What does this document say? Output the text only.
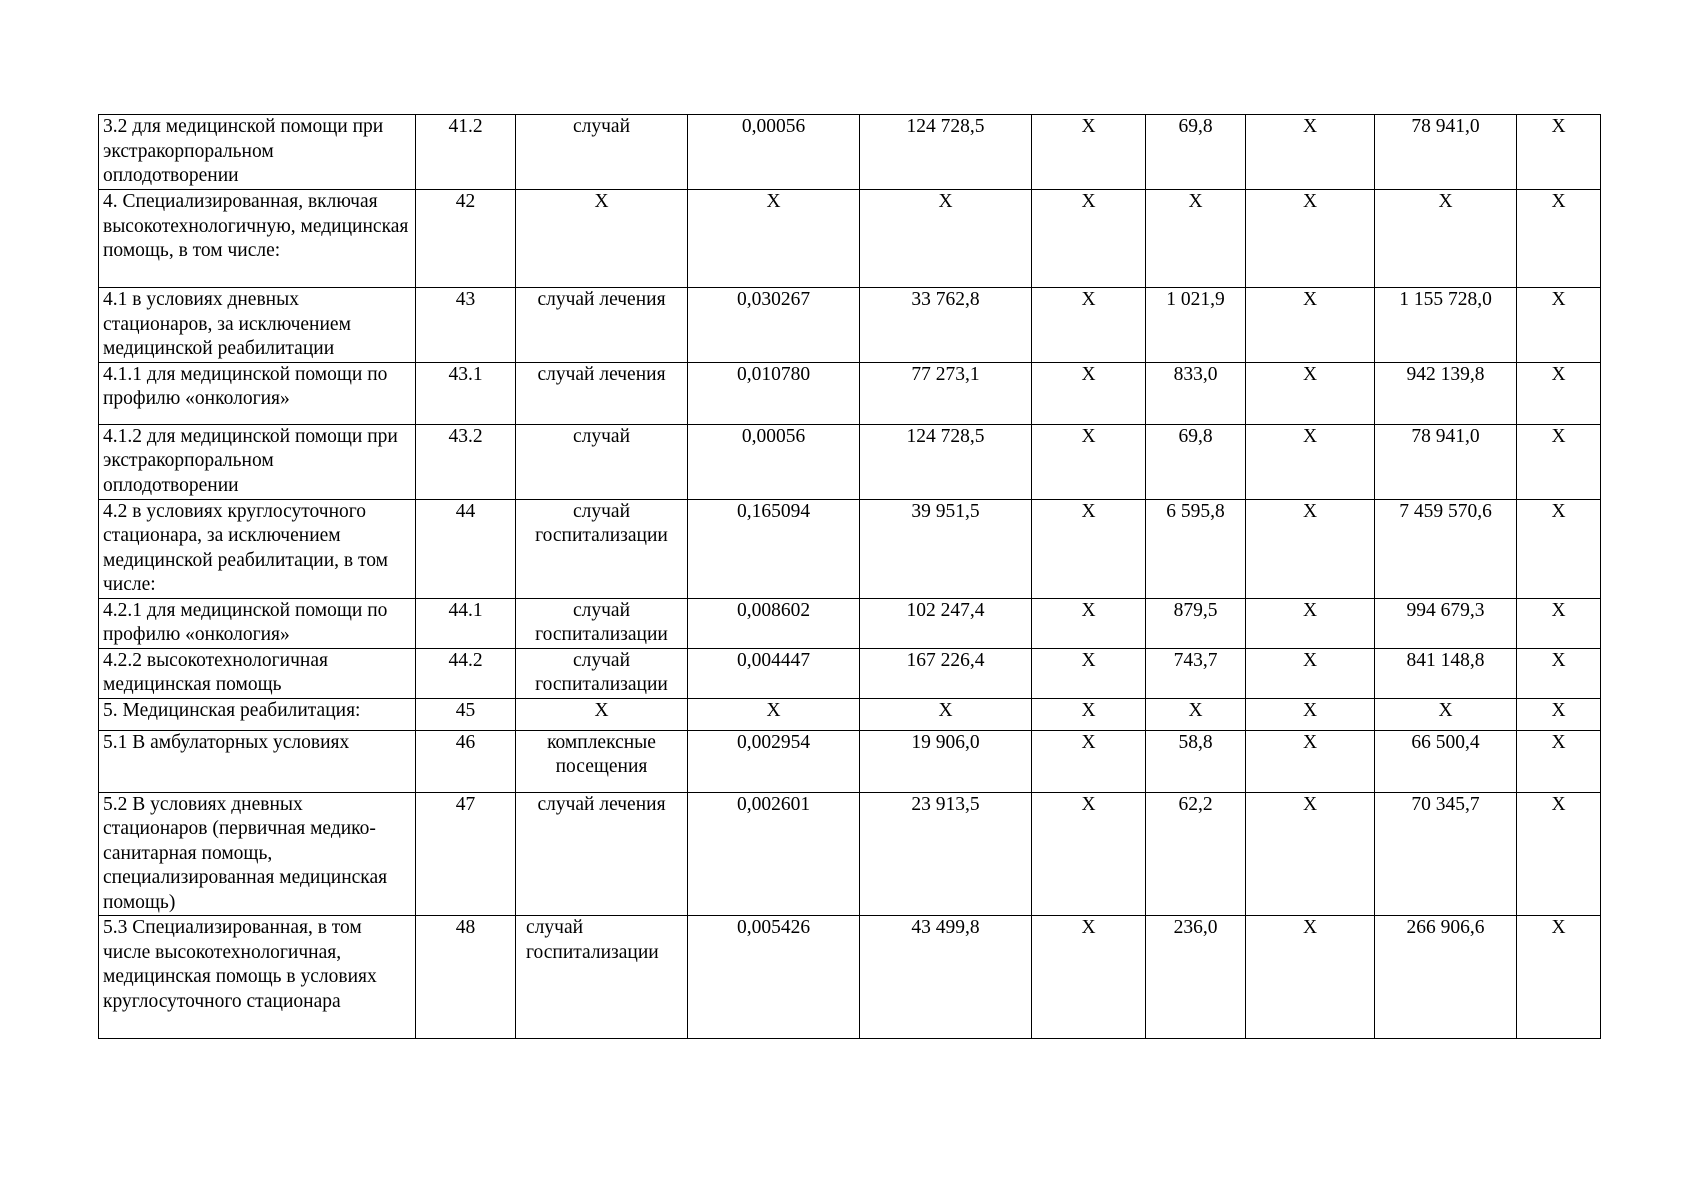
3.2 для медицинской помощи при экстракорпоральном оплодотворении	41.2	случай	0,00056	124 728,5	X	69,8	X	78 941,0	X

4. Специализированная, включая высокотехнологичную, медицинская помощь, в том числе:	42	X	X	X	X	X	X	X	X

4.1 в условиях дневных стационаров, за исключением медицинской реабилитации	43	случай лечения	0,030267	33 762,8	X	1 021,9	X	1 155 728,0	X

4.1.1 для медицинской помощи по профилю «онкология»	43.1	случай лечения	0,010780	77 273,1	X	833,0	X	942 139,8	X

4.1.2 для медицинской помощи при экстракорпоральном оплодотворении	43.2	случай	0,00056	124 728,5	X	69,8	X	78 941,0	X

4.2 в условиях круглосуточного стационара, за исключением медицинской реабилитации, в том числе:	44	случай госпитализации	0,165094	39 951,5	X	6 595,8	X	7 459 570,6	X

4.2.1 для медицинской помощи по профилю «онкология»	44.1	случай госпитализации	0,008602	102 247,4	X	879,5	X	994 679,3	X

4.2.2 высокотехнологичная медицинская помощь	44.2	случай госпитализации	0,004447	167 226,4	X	743,7	X	841 148,8	X

5. Медицинская реабилитация:	45	X	X	X	X	X	X	X	X

5.1 В амбулаторных условиях	46	комплексные посещения	0,002954	19 906,0	X	58,8	X	66 500,4	X

5.2 В условиях дневных стационаров (первичная медико-санитарная помощь, специализированная медицинская помощь)	47	случай лечения	0,002601	23 913,5	X	62,2	X	70 345,7	X

5.3 Специализированная, в том числе высокотехнологичная, медицинская помощь в условиях круглосуточного стационара	48	случай госпитализации	0,005426	43 499,8	X	236,0	X	266 906,6	X
